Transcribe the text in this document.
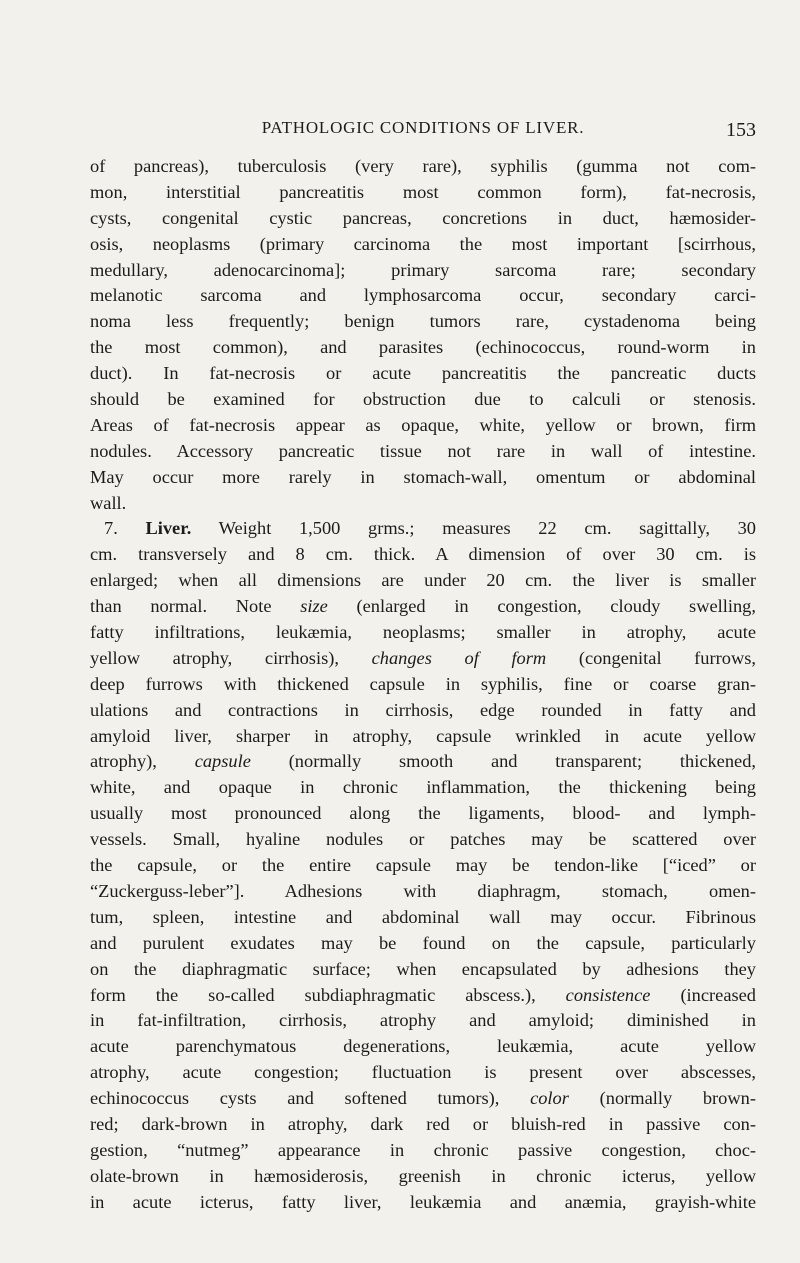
PATHOLOGIC CONDITIONS OF LIVER.	153
of pancreas), tuberculosis (very rare), syphilis (gumma not com-
mon, interstitial pancreatitis most common form), fat-necrosis,
cysts, congenital cystic pancreas, concretions in duct, hæmosider-
osis, neoplasms (primary carcinoma the most important [scirrhous,
medullary, adenocarcinoma]; primary sarcoma rare; secondary
melanotic sarcoma and lymphosarcoma occur, secondary carci-
noma less frequently; benign tumors rare, cystadenoma being
the most common), and parasites (echinococcus, round-worm in
duct). In fat-necrosis or acute pancreatitis the pancreatic ducts
should be examined for obstruction due to calculi or stenosis.
Areas of fat-necrosis appear as opaque, white, yellow or brown, firm
nodules. Accessory pancreatic tissue not rare in wall of intestine.
May occur more rarely in stomach-wall, omentum or abdominal
wall.
7. Liver. Weight 1,500 grms.; measures 22 cm. sagittally, 30
cm. transversely and 8 cm. thick. A dimension of over 30 cm. is
enlarged; when all dimensions are under 20 cm. the liver is smaller
than normal. Note size (enlarged in congestion, cloudy swelling,
fatty infiltrations, leukæmia, neoplasms; smaller in atrophy, acute
yellow atrophy, cirrhosis), changes of form (congenital furrows,
deep furrows with thickened capsule in syphilis, fine or coarse gran-
ulations and contractions in cirrhosis, edge rounded in fatty and
amyloid liver, sharper in atrophy, capsule wrinkled in acute yellow
atrophy), capsule (normally smooth and transparent; thickened,
white, and opaque in chronic inflammation, the thickening being
usually most pronounced along the ligaments, blood- and lymph-
vessels. Small, hyaline nodules or patches may be scattered over
the capsule, or the entire capsule may be tendon-like [“iced” or
“Zuckerguss-leber”]. Adhesions with diaphragm, stomach, omen-
tum, spleen, intestine and abdominal wall may occur. Fibrinous
and purulent exudates may be found on the capsule, particularly
on the diaphragmatic surface; when encapsulated by adhesions they
form the so-called subdiaphragmatic abscess.), consistence (increased
in fat-infiltration, cirrhosis, atrophy and amyloid; diminished in
acute parenchymatous degenerations, leukæmia, acute yellow
atrophy, acute congestion; fluctuation is present over abscesses,
echinococcus cysts and softened tumors), color (normally brown-
red; dark-brown in atrophy, dark red or bluish-red in passive con-
gestion, “nutmeg” appearance in chronic passive congestion, choc-
olate-brown in hæmosiderosis, greenish in chronic icterus, yellow
in acute icterus, fatty liver, leukæmia and anæmia, grayish-white
